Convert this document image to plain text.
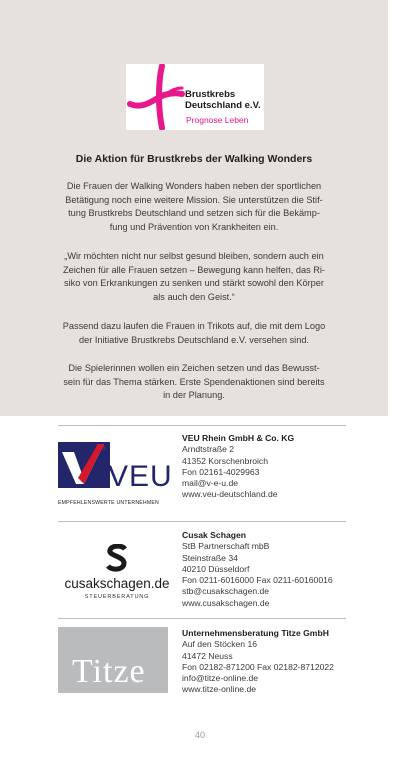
Brustkrebs
Deutschland e.V.
Prognose Leben
Die Aktion für Brustkrebs der Walking Wonders
Die Frauen der Walking Wonders haben neben der sportlichen
Betätigung noch eine weitere Mission. Sie unterstützen die Stif-
tung Brustkrebs Deutschland und setzen sich für die Bekämp-
fung und Prävention von Krankheiten ein.
„Wir möchten nicht nur selbst gesund bleiben, sondern auch ein
Zeichen für alle Frauen setzen – Bewegung kann helfen, das Ri-
siko von Erkrankungen zu senken und stärkt sowohl den Körper
als auch den Geist.“
Passend dazu laufen die Frauen in Trikots auf, die mit dem Logo
der Initiative Brustkrebs Deutschland e.V. versehen sind.
Die Spielerinnen wollen ein Zeichen setzen und das Bewusst-
sein für das Thema stärken. Erste Spendenaktionen sind bereits
in der Planung.
®
VEU
EMPFEHLENSWERTE UNTERNEHMEN
VEU Rhein GmbH & Co. KG
Arndtstraße 2
41352 Korschenbroich
Fon 02161-4029963
mail@v-e-u.de
www.veu-deutschland.de
cusakschagen.de
STEUERBERATUNG
Cusak Schagen
StB Partnerschaft mbB
Steinstraße 34
40210 Düsseldorf
Fon 0211-6016000 Fax 0211-60160016
stb@cusakschagen.de
www.cusakschagen.de
Titze
Unternehmensberatung Titze GmbH
Auf den Stöcken 16
41472 Neuss
Fon 02182-871200 Fax 02182-8712022
info@titze-online.de
www.titze-online.de
40
